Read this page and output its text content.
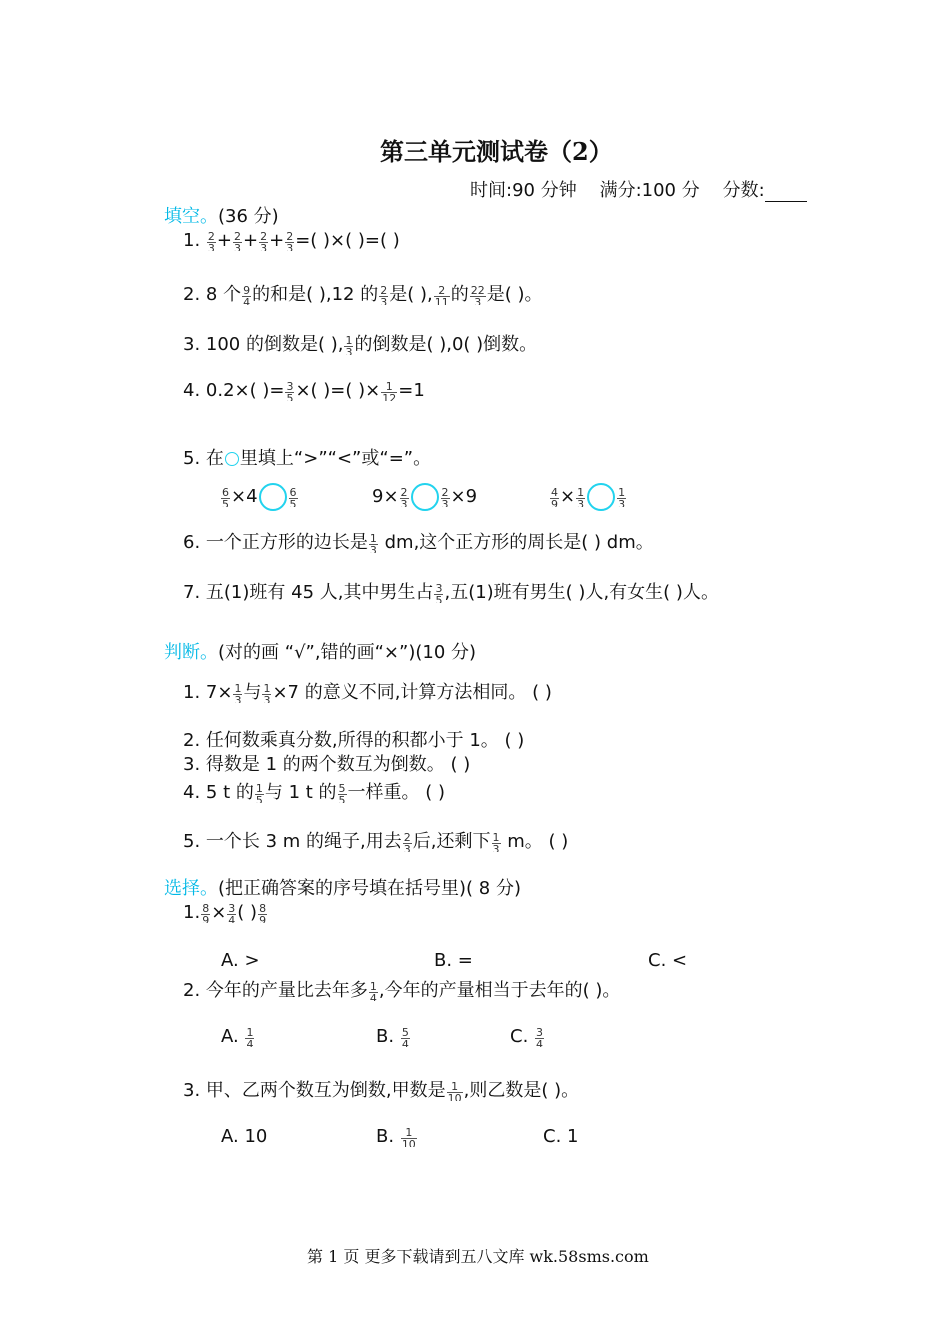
第三单元测试卷（2）
时间:90 分钟 满分:100 分 分数:
填空。(36 分)
1. $\frac{2}{3} + \frac{2}{3} + \frac{2}{3} + \frac{2}{3}$ =( )×( )=( )
2. 8 个 $\frac{9}{4}$ 的和是( ),12 的 $\frac{2}{3}$ 是( ), $\frac{2}{11}$ 的 $\frac{22}{3}$ 是( )。
3. 100 的倒数是( ), $\frac{1}{3}$ 的倒数是( ),0( )倒数。
4. 0.2×( )= $\frac{3}{5}$ ×( )=( )× $\frac{1}{12} =1$
5. 在 里填上“>”“<”或“=”。
$\frac{6}{5} \times 4$	$\frac{6}{5}$	$9\times \frac{2}{3}$	$\frac{2}{3} \times 9$	$\frac{4}{9} \times \frac{1}{3}$	$\frac{1}{3}$
6. 一个正方形的边长是 $\frac{1}{3}$ dm,这个正方形的周长是( ) dm。
7. 五(1)班有 45 人,其中男生占 $\frac{3}{5}$ ,五(1)班有男生( )人,有女生( )人。
判断。(对的画 “√”,错的画“×”)(10 分)
1. $7\times \frac{1}{3}$ 与 $\frac{1}{3} \times 7$ 的意义不同,计算方法相同。 ( )
2. 任何数乘真分数,所得的积都小于 1。 ( )
3. 得数是 1 的两个数互为倒数。 ( )
4. 5 t 的 $\frac{1}{5}$ 与 1 t 的 $\frac{5}{5}$ 一样重。 ( )
5. 一个长 3 m 的绳子,用去 $\frac{2}{3}$ 后,还剩下 $\frac{1}{3}$ m。 ( )
选择。(把正确答案的序号填在括号里)( 8 分)
1. $\frac{8}{9} \times \frac{3}{4}$ ( ) $\frac{8}{9}$
A. >	B. =	C. <
2. 今年的产量比去年多 $\frac{1}{4}$ ,今年的产量相当于去年的( )。
A. $\frac{1}{4}$	B. $\frac{5}{4}$	C. $\frac{3}{4}$
3. 甲、乙两个数互为倒数,甲数是 $\frac{1}{10}$ ,则乙数是( )。
A. 10	B. $\frac{1}{10}$	C. 1
第 1 页 更多下载请到五八文库 wk.58sms.com
